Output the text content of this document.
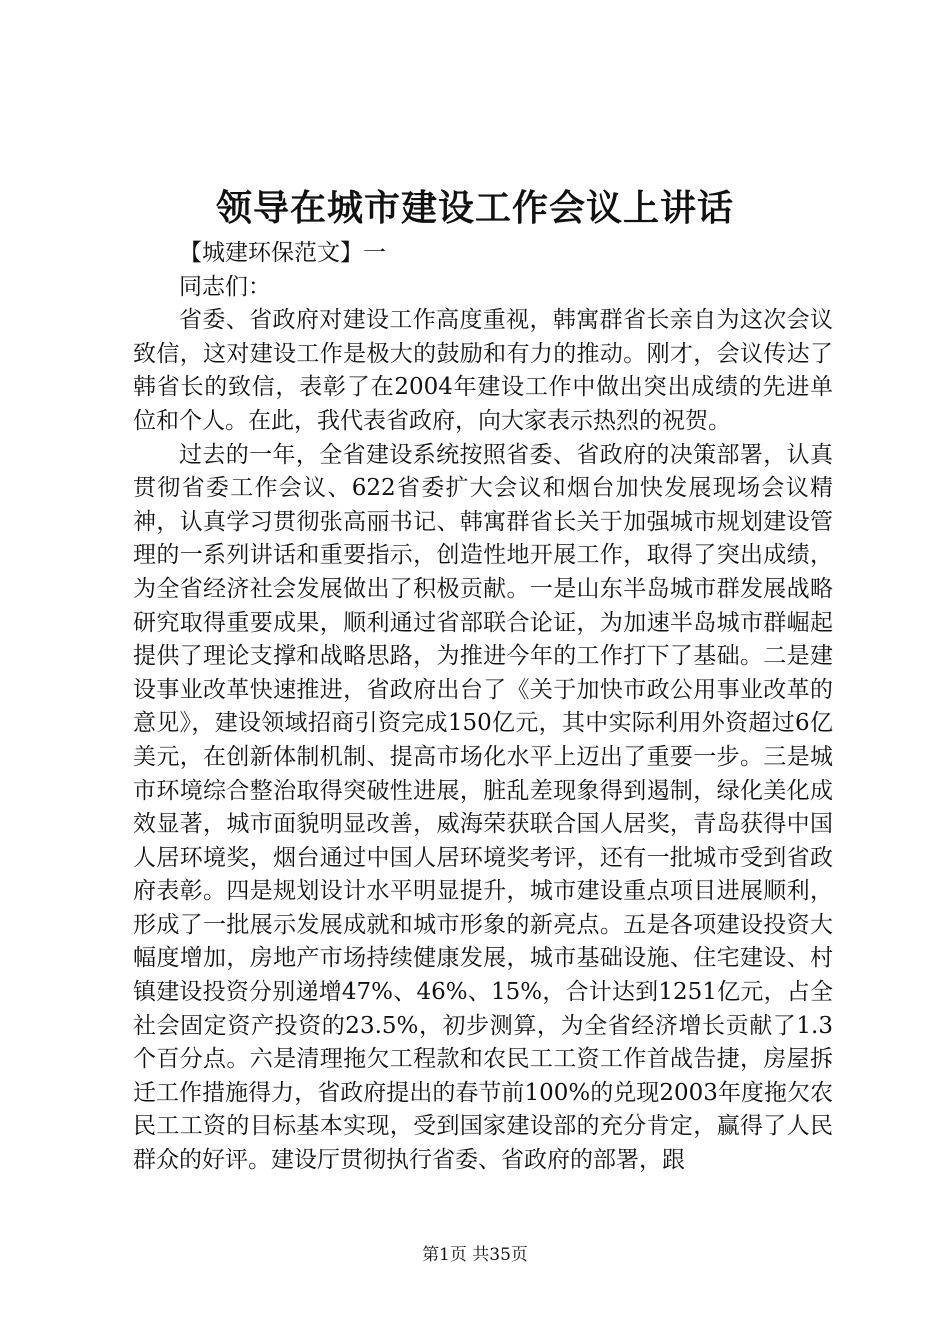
领导在城市建设工作会议上讲话

【城建环保范文】一

同志们：

省委、省政府对建设工作高度重视，韩寓群省长亲自为这次会议致信，这对建设工作是极大的鼓励和有力的推动。刚才，会议传达了韩省长的致信，表彰了在2004年建设工作中做出突出成绩的先进单位和个人。在此，我代表省政府，向大家表示热烈的祝贺。

过去的一年，全省建设系统按照省委、省政府的决策部署，认真贯彻省委工作会议、622省委扩大会议和烟台加快发展现场会议精神，认真学习贯彻张高丽书记、韩寓群省长关于加强城市规划建设管理的一系列讲话和重要指示，创造性地开展工作，取得了突出成绩，为全省经济社会发展做出了积极贡献。一是山东半岛城市群发展战略研究取得重要成果，顺利通过省部联合论证，为加速半岛城市群崛起提供了理论支撑和战略思路，为推进今年的工作打下了基础。二是建设事业改革快速推进，省政府出台了《关于加快市政公用事业改革的意见》，建设领域招商引资完成150亿元，其中实际利用外资超过6亿美元，在创新体制机制、提高市场化水平上迈出了重要一步。三是城市环境综合整治取得突破性进展，脏乱差现象得到遏制，绿化美化成效显著，城市面貌明显改善，威海荣获联合国人居奖，青岛获得中国人居环境奖，烟台通过中国人居环境奖考评，还有一批城市受到省政府表彰。四是规划设计水平明显提升，城市建设重点项目进展顺利，形成了一批展示发展成就和城市形象的新亮点。五是各项建设投资大幅度增加，房地产市场持续健康发展，城市基础设施、住宅建设、村镇建设投资分别递增47%、46%、15%，合计达到1251亿元，占全社会固定资产投资的23.5%，初步测算，为全省经济增长贡献了1.3个百分点。六是清理拖欠工程款和农民工工资工作首战告捷，房屋拆迁工作措施得力，省政府提出的春节前100%的兑现2003年度拖欠农民工工资的目标基本实现，受到国家建设部的充分肯定，赢得了人民群众的好评。建设厅贯彻执行省委、省政府的部署，跟

第1页 共35页
